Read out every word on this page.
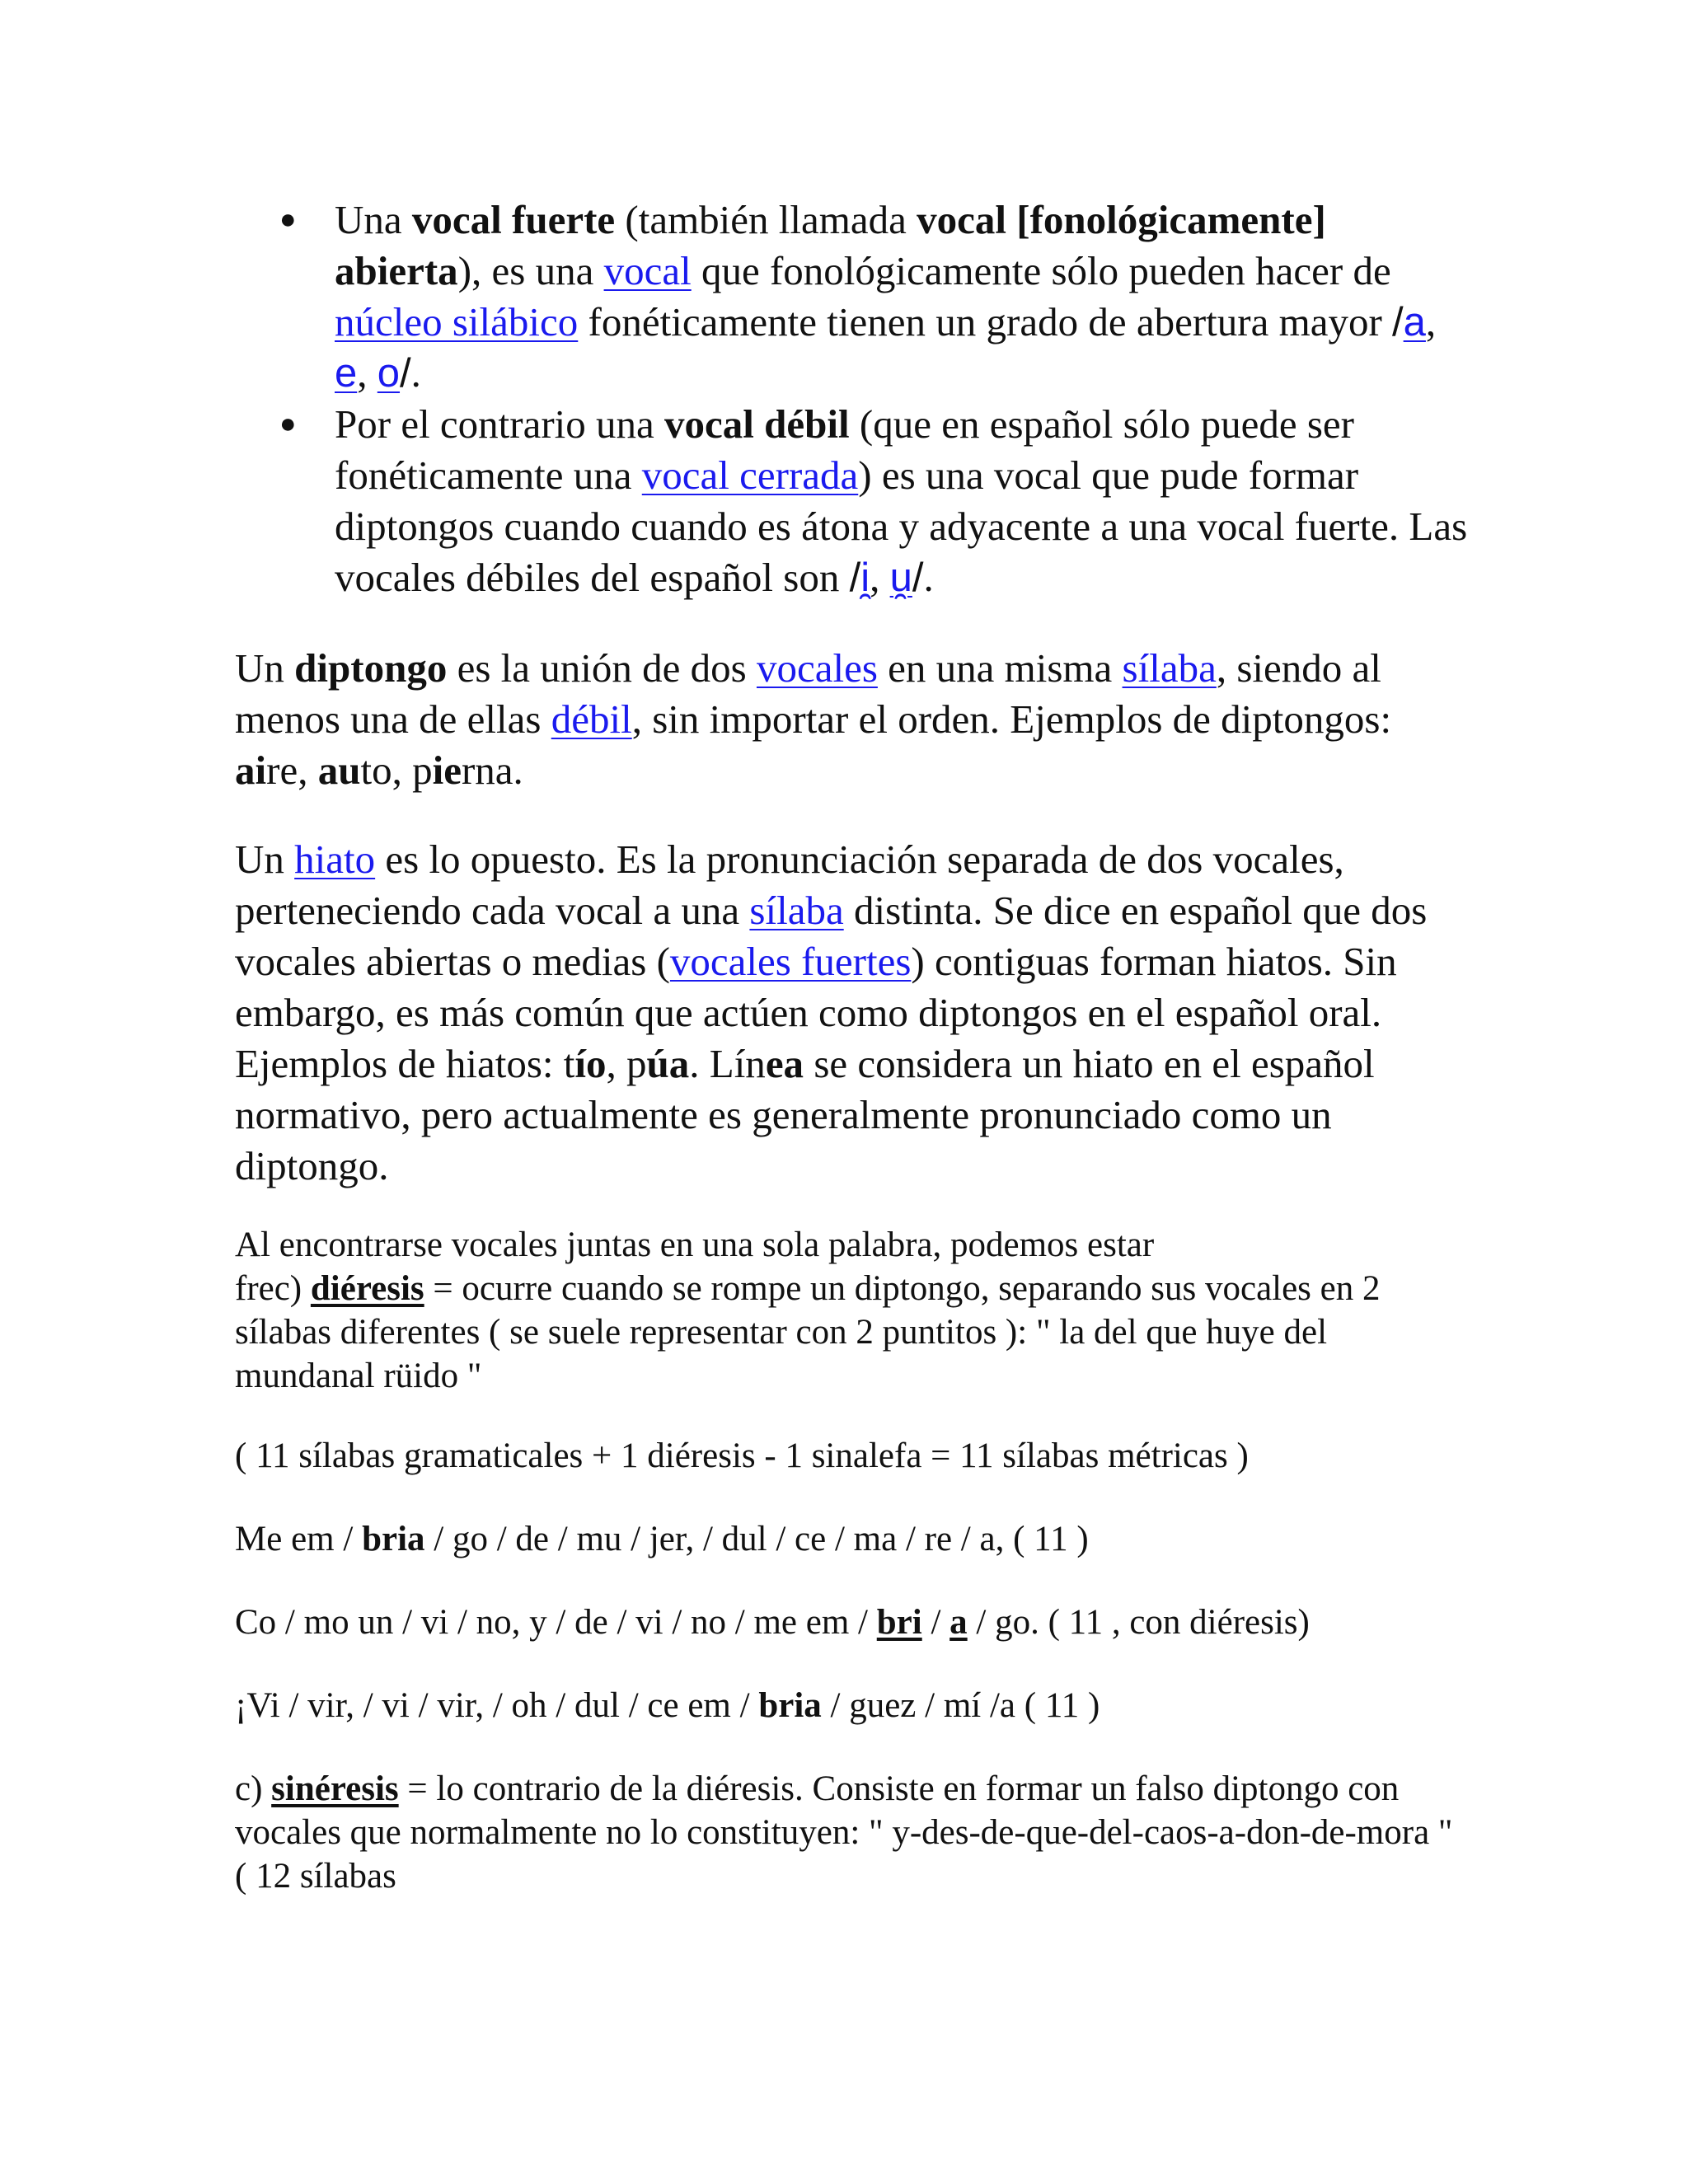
● Una vocal fuerte (también llamada vocal [fonológicamente] abierta), es una vocal que fonológicamente sólo pueden hacer de núcleo silábico fonéticamente tienen un grado de abertura mayor /a, e, o/.
● Por el contrario una vocal débil (que en español sólo puede ser fonéticamente una vocal cerrada) es una vocal que pude formar diptongos cuando cuando es átona y adyacente a una vocal fuerte. Las vocales débiles del español son /i̯, u̯/.

Un diptongo es la unión de dos vocales en una misma sílaba, siendo al menos una de ellas débil, sin importar el orden. Ejemplos de diptongos: aire, auto, pierna.

Un hiato es lo opuesto. Es la pronunciación separada de dos vocales, perteneciendo cada vocal a una sílaba distinta. Se dice en español que dos vocales abiertas o medias (vocales fuertes) contiguas forman hiatos. Sin embargo, es más común que actúen como diptongos en el español oral. Ejemplos de hiatos: tío, púa. Línea se considera un hiato en el español normativo, pero actualmente es generalmente pronunciado como un diptongo.

Al encontrarse vocales juntas en una sola palabra, podemos estar
frec) diéresis = ocurre cuando se rompe un diptongo, separando sus vocales en 2 sílabas diferentes ( se suele representar con 2 puntitos ): " la del que huye del mundanal rüido "

( 11 sílabas gramaticales + 1 diéresis - 1 sinalefa = 11 sílabas métricas )

Me em / bria / go / de / mu / jer, / dul / ce / ma / re / a, ( 11 )

Co / mo un / vi / no, y / de / vi / no / me em / bri / a / go. ( 11 , con diéresis)

¡Vi / vir, / vi / vir, / oh / dul / ce em / bria / guez / mí /a ( 11 )

c) sinéresis = lo contrario de la diéresis. Consiste en formar un falso diptongo con vocales que normalmente no lo constituyen: " y-des-de-que-del-caos-a-don-de-mora " ( 12 sílabas
